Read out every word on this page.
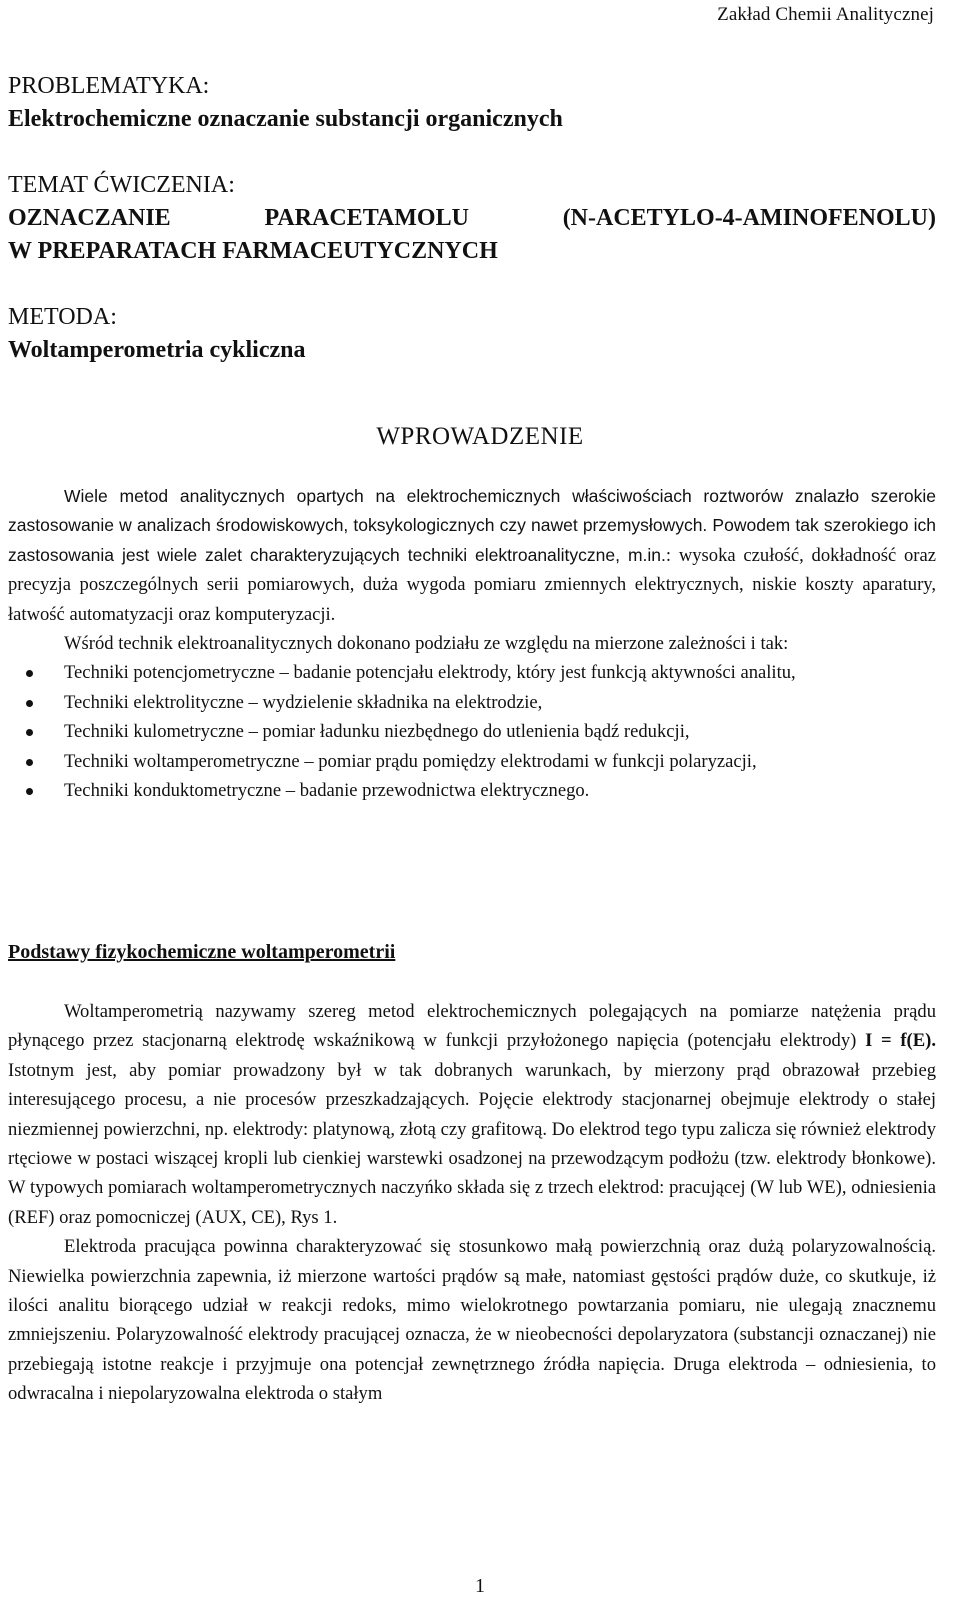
Zakład Chemii Analitycznej

PROBLEMATYKA:

Elektrochemiczne oznaczanie substancji organicznych

TEMAT ĆWICZENIA:

OZNACZANIE PARACETAMOLU (N-ACETYLO-4-AMINOFENOLU)

W PREPARATACH FARMACEUTYCZNYCH

METODA:

Woltamperometria cykliczna

WPROWADZENIE

Wiele metod analitycznych opartych na elektrochemicznych właściwościach roztworów znalazło szerokie zastosowanie w analizach środowiskowych, toksykologicznych czy nawet przemysłowych. Powodem tak szerokiego ich zastosowania jest wiele zalet charakteryzujących techniki elektroanalityczne, m.in.: wysoka czułość, dokładność oraz precyzja poszczególnych serii pomiarowych, duża wygoda pomiaru zmiennych elektrycznych, niskie koszty aparatury, łatwość automatyzacji oraz komputeryzacji.

Wśród technik elektroanalitycznych dokonano podziału ze względu na mierzone zależności i tak:

Techniki potencjometryczne – badanie potencjału elektrody, który jest funkcją aktywności analitu,
Techniki elektrolityczne – wydzielenie składnika na elektrodzie,
Techniki kulometryczne – pomiar ładunku niezbędnego do utlenienia bądź redukcji,
Techniki woltamperometryczne – pomiar prądu pomiędzy elektrodami w funkcji polaryzacji,
Techniki konduktometryczne – badanie przewodnictwa elektrycznego.
Podstawy fizykochemiczne woltamperometrii

Woltamperometrią nazywamy szereg metod elektrochemicznych polegających na pomiarze natężenia prądu płynącego przez stacjonarną elektrodę wskaźnikową w funkcji przyłożonego napięcia (potencjału elektrody) I = f(E). Istotnym jest, aby pomiar prowadzony był w tak dobranych warunkach, by mierzony prąd obrazował przebieg interesującego procesu, a nie procesów przeszkadzających. Pojęcie elektrody stacjonarnej obejmuje elektrody o stałej niezmiennej powierzchni, np. elektrody: platynową, złotą czy grafitową. Do elektrod tego typu zalicza się również elektrody rtęciowe w postaci wiszącej kropli lub cienkiej warstewki osadzonej na przewodzącym podłożu (tzw. elektrody błonkowe). W typowych pomiarach woltamperometrycznych naczyńko składa się z trzech elektrod: pracującej (W lub WE), odniesienia (REF) oraz pomocniczej (AUX, CE), Rys 1.

Elektroda pracująca powinna charakteryzować się stosunkowo małą powierzchnią oraz dużą polaryzowalnością. Niewielka powierzchnia zapewnia, iż mierzone wartości prądów są małe, natomiast gęstości prądów duże, co skutkuje, iż ilości analitu biorącego udział w reakcji redoks, mimo wielokrotnego powtarzania pomiaru, nie ulegają znacznemu zmniejszeniu. Polaryzowalność elektrody pracującej oznacza, że w nieobecności depolaryzatora (substancji oznaczanej) nie przebiegają istotne reakcje i przyjmuje ona potencjał zewnętrznego źródła napięcia. Druga elektroda – odniesienia, to odwracalna i niepolaryzowalna elektroda o stałym

1
